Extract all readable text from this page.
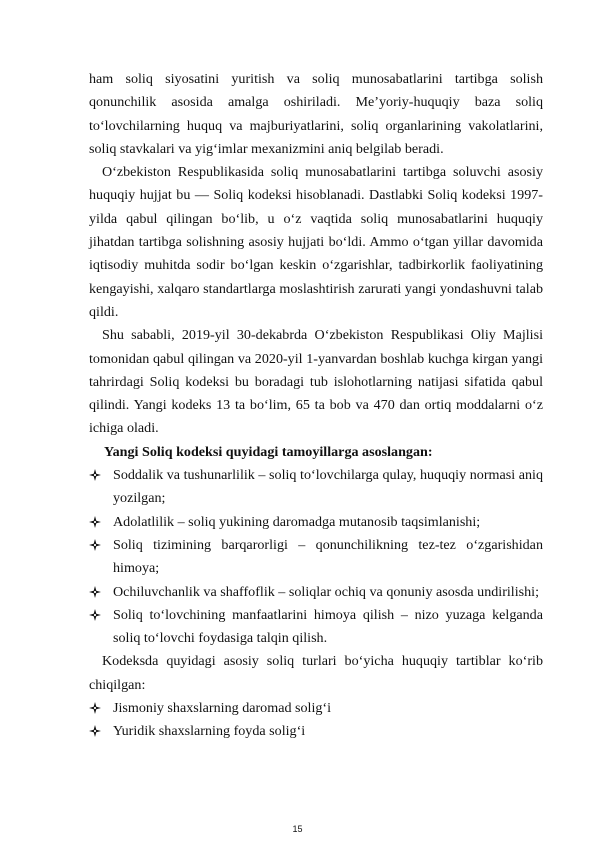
ham soliq siyosatini yuritish va soliq munosabatlarini tartibga solish qonunchilik asosida amalga oshiriladi. Me’yoriy-huquqiy baza soliq to‘lovchilarning huquq va majburiyatlarini, soliq organlarining vakolatlarini, soliq stavkalari va yig‘imlar mexanizmini aniq belgilab beradi.

O‘zbekiston Respublikasida soliq munosabatlarini tartibga soluvchi asosiy huquqiy hujjat bu — Soliq kodeksi hisoblanadi. Dastlabki Soliq kodeksi 1997-yilda qabul qilingan bo‘lib, u o‘z vaqtida soliq munosabatlarini huquqiy jihatdan tartibga solishning asosiy hujjati bo‘ldi. Ammo o‘tgan yillar davomida iqtisodiy muhitda sodir bo‘lgan keskin o‘zgarishlar, tadbirkorlik faoliyatining kengayishi, xalqaro standartlarga moslashtirish zarurati yangi yondashuvni talab qildi.

Shu sababli, 2019-yil 30-dekabrda O‘zbekiston Respublikasi Oliy Majlisi tomonidan qabul qilingan va 2020-yil 1-yanvardan boshlab kuchga kirgan yangi tahrirdagi Soliq kodeksi bu boradagi tub islohotlarning natijasi sifatida qabul qilindi. Yangi kodeks 13 ta bo‘lim, 65 ta bob va 470 dan ortiq moddalarni o‘z ichiga oladi.

Yangi Soliq kodeksi quyidagi tamoyillarga asoslangan:

Soddalik va tushunarlilik – soliq to‘lovchilarga qulay, huquqiy normasi aniq yozilgan;
Adolatlilik – soliq yukining daromadga mutanosib taqsimlanishi;
Soliq tizimining barqarorligi – qonunchilikning tez-tez o‘zgarishidan himoya;
Ochiluvchanlik va shaffoflik – soliqlar ochiq va qonuniy asosda undirilishi;
Soliq to‘lovchining manfaatlarini himoya qilish – nizo yuzaga kelganda soliq to‘lovchi foydasiga talqin qilish.

Kodeksda quyidagi asosiy soliq turlari bo‘yicha huquqiy tartiblar ko‘rib chiqilgan:

Jismoniy shaxslarning daromad solig‘i
Yuridik shaxslarning foyda solig‘i
15
